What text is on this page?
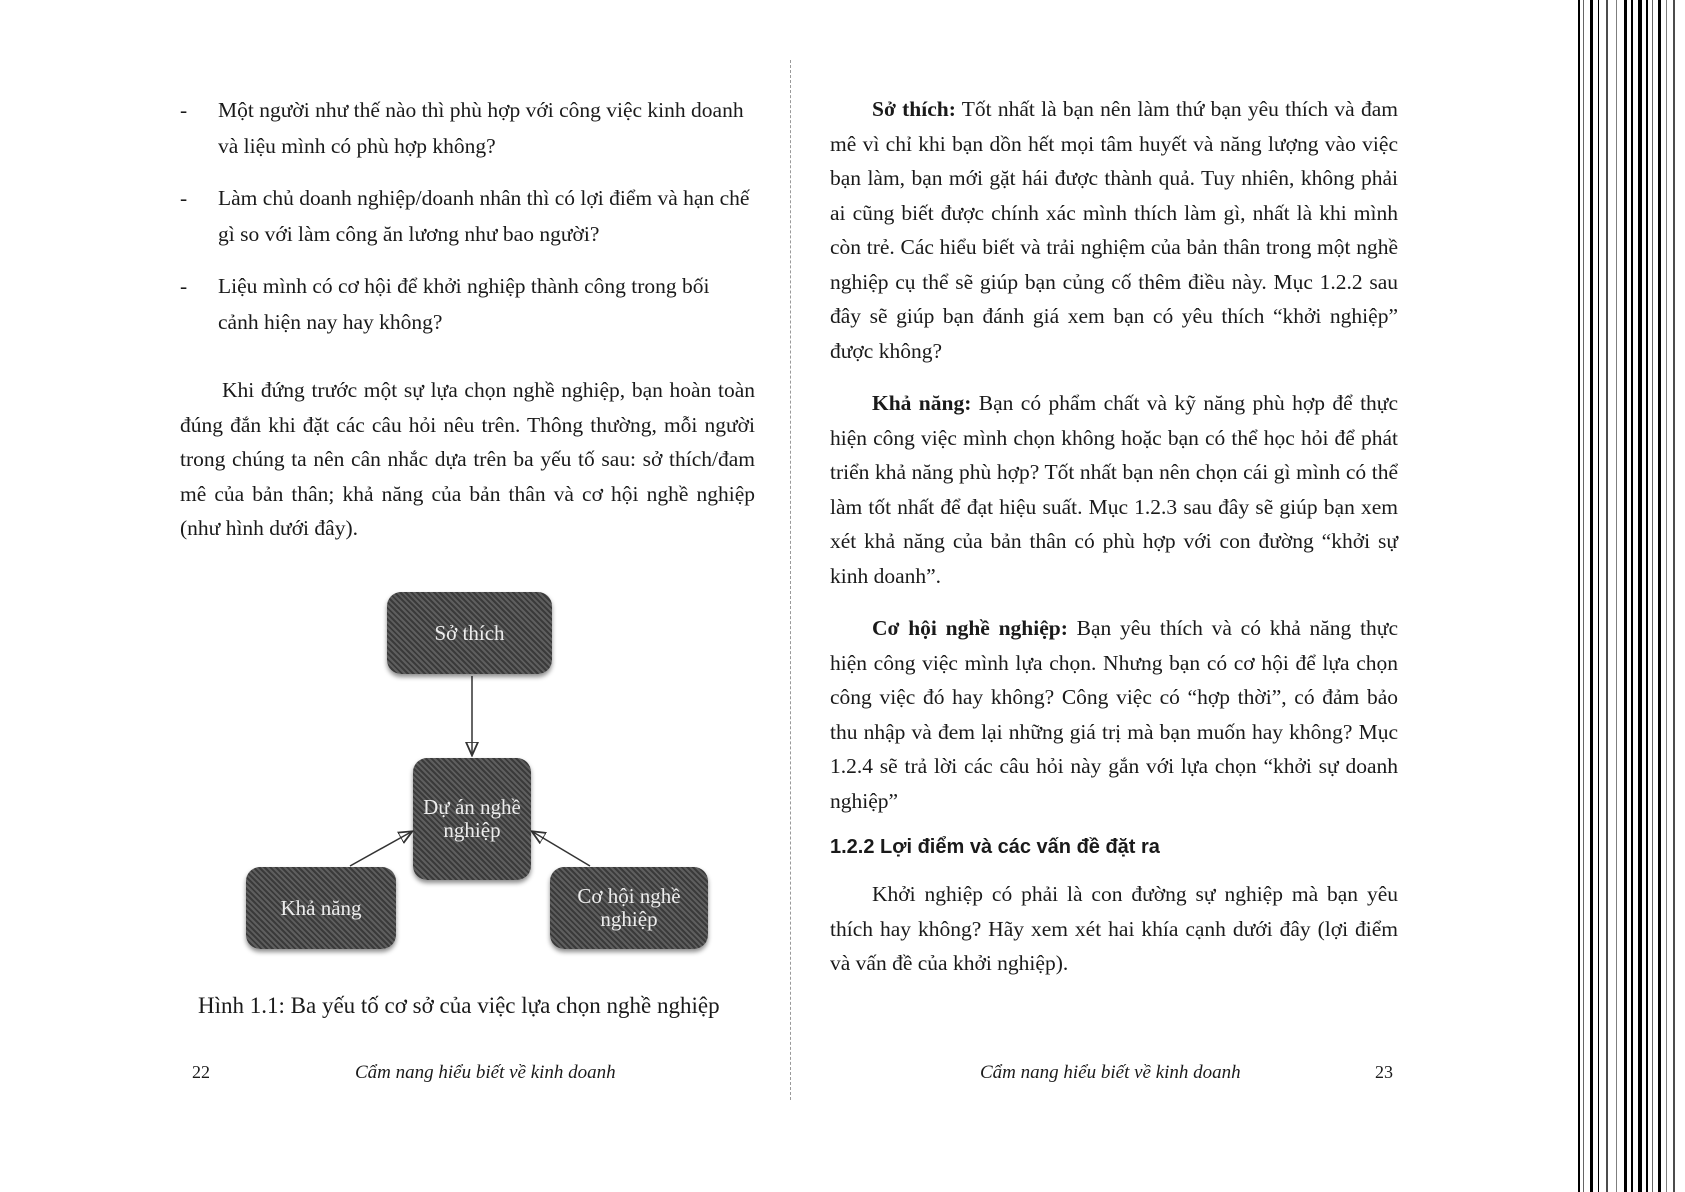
- Một người như thế nào thì phù hợp với công việc kinh doanh và liệu mình có phù hợp không?
- Làm chủ doanh nghiệp/doanh nhân thì có lợi điểm và hạn chế gì so với làm công ăn lương như bao người?
- Liệu mình có cơ hội để khởi nghiệp thành công trong bối cảnh hiện nay hay không?

Khi đứng trước một sự lựa chọn nghề nghiệp, bạn hoàn toàn đúng đắn khi đặt các câu hỏi nêu trên. Thông thường, mỗi người trong chúng ta nên cân nhắc dựa trên ba yếu tố sau: sở thích/đam mê của bản thân; khả năng của bản thân và cơ hội nghề nghiệp (như hình dưới đây).

Sở thích
Dự án nghề nghiệp
Khả năng	Cơ hội nghề nghiệp
Hình 1.1: Ba yếu tố cơ sở của việc lựa chọn nghề nghiệp
22	Cẩm nang hiểu biết về kinh doanh

Sở thích: Tốt nhất là bạn nên làm thứ bạn yêu thích và đam mê vì chỉ khi bạn dồn hết mọi tâm huyết và năng lượng vào việc bạn làm, bạn mới gặt hái được thành quả. Tuy nhiên, không phải ai cũng biết được chính xác mình thích làm gì, nhất là khi mình còn trẻ. Các hiểu biết và trải nghiệm của bản thân trong một nghề nghiệp cụ thể sẽ giúp bạn củng cố thêm điều này. Mục 1.2.2 sau đây sẽ giúp bạn đánh giá xem bạn có yêu thích “khởi nghiệp” được không?

Khả năng: Bạn có phẩm chất và kỹ năng phù hợp để thực hiện công việc mình chọn không hoặc bạn có thể học hỏi để phát triển khả năng phù hợp? Tốt nhất bạn nên chọn cái gì mình có thể làm tốt nhất để đạt hiệu suất. Mục 1.2.3 sau đây sẽ giúp bạn xem xét khả năng của bản thân có phù hợp với con đường “khởi sự kinh doanh”.

Cơ hội nghề nghiệp: Bạn yêu thích và có khả năng thực hiện công việc mình lựa chọn. Nhưng bạn có cơ hội để lựa chọn công việc đó hay không? Công việc có “hợp thời”, có đảm bảo thu nhập và đem lại những giá trị mà bạn muốn hay không? Mục 1.2.4 sẽ trả lời các câu hỏi này gắn với lựa chọn “khởi sự doanh nghiệp”

1.2.2 Lợi điểm và các vấn đề đặt ra

Khởi nghiệp có phải là con đường sự nghiệp mà bạn yêu thích hay không? Hãy xem xét hai khía cạnh dưới đây (lợi điểm và vấn đề của khởi nghiệp).

Cẩm nang hiểu biết về kinh doanh	23
